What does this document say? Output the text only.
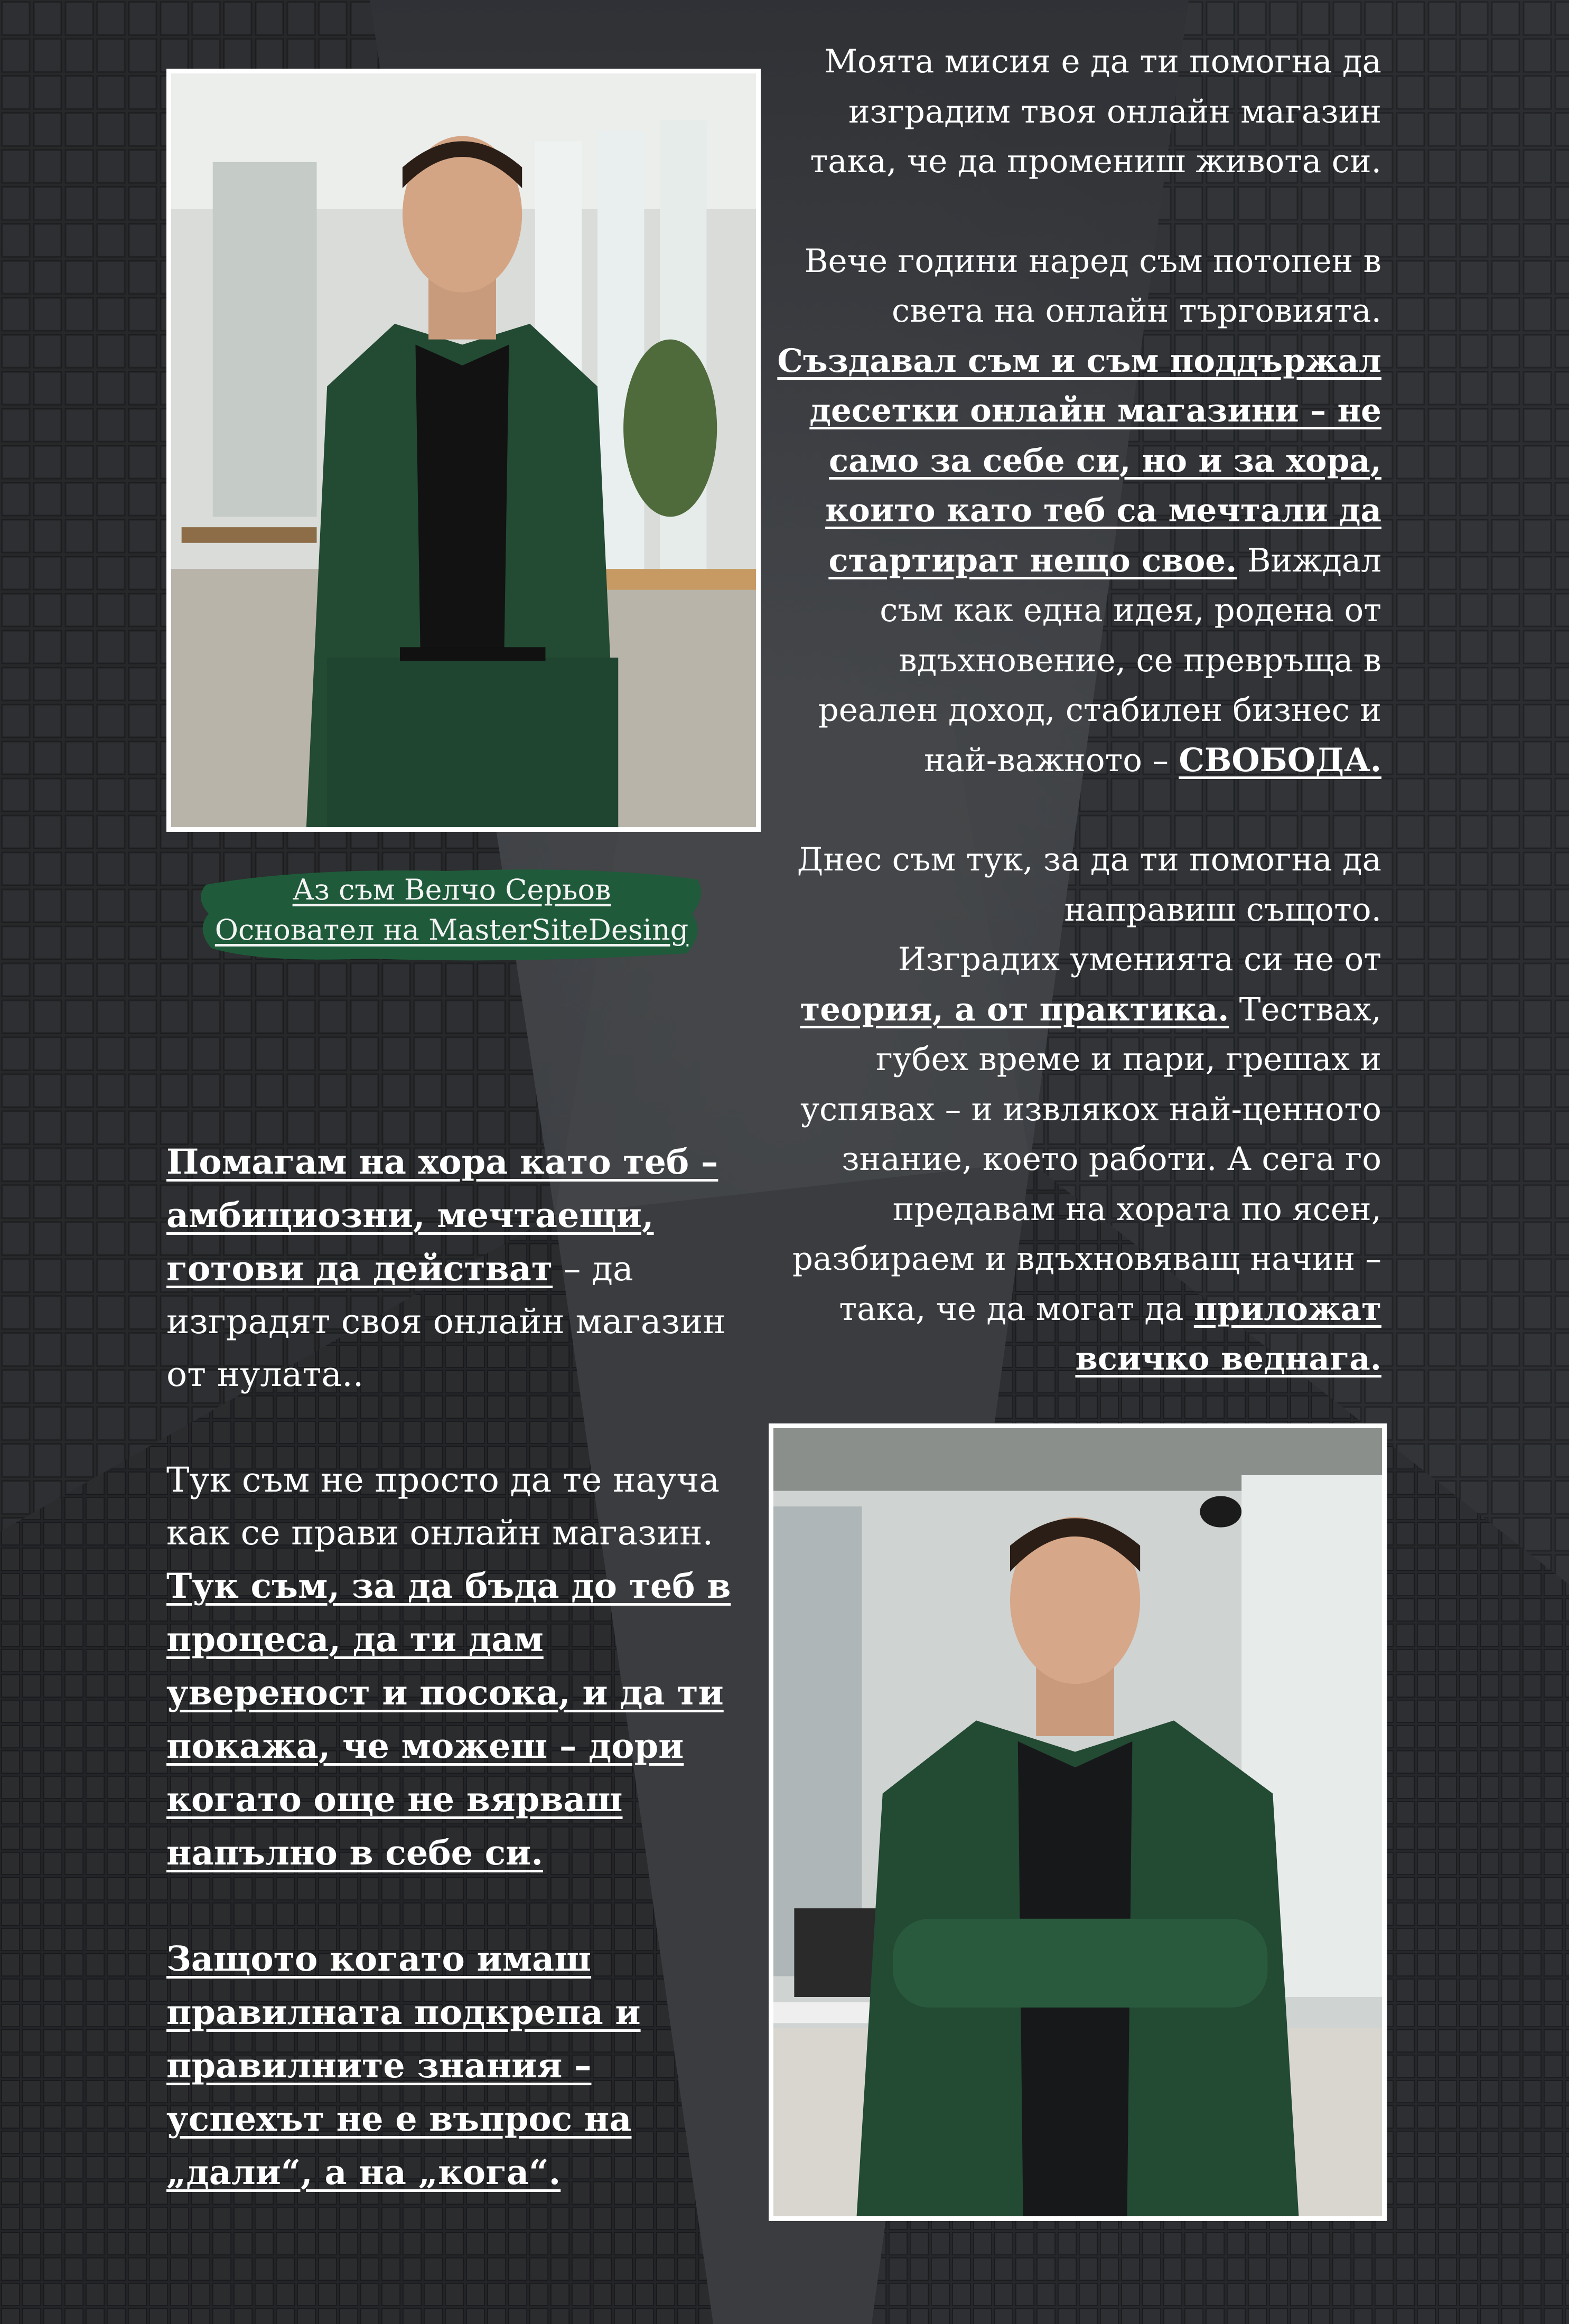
Аз съм Велчо Серьов
Основател на MasterSiteDesing

Моята мисия е да ти помогна да изградим твоя онлайн магазин така, че да промениш живота си.
Вече години наред съм потопен в света на онлайн търговията. Създавал съм и съм поддържал десетки онлайн магазини – не само за себе си, но и за хора, които като теб са мечтали да стартират нещо свое. Виждал съм как една идея, родена от вдъхновение, се превръща в реален доход, стабилен бизнес и най-важното – СВОБОДА.
Днес съм тук, за да ти помогна да направиш същото.
Изградих уменията си не от теория, а от практика. Тествах, губех време и пари, грешах и успявах – и извлякох най-ценното знание, което работи. А сега го предавам на хората по ясен, разбираем и вдъхновяващ начин – така, че да могат да приложат всичко веднага.

Помагам на хора като теб – амбициозни, мечтаещи, готови да действат – да изградят своя онлайн магазин от нулата..
Тук съм не просто да те науча как се прави онлайн магазин. Тук съм, за да бъда до теб в процеса, да ти дам увереност и посока, и да ти покажа, че можеш – дори когато още не вярваш напълно в себе си.
Защото когато имаш правилната подкрепа и правилните знания – успехът не е въпрос на „дали“, а на „кога“.
